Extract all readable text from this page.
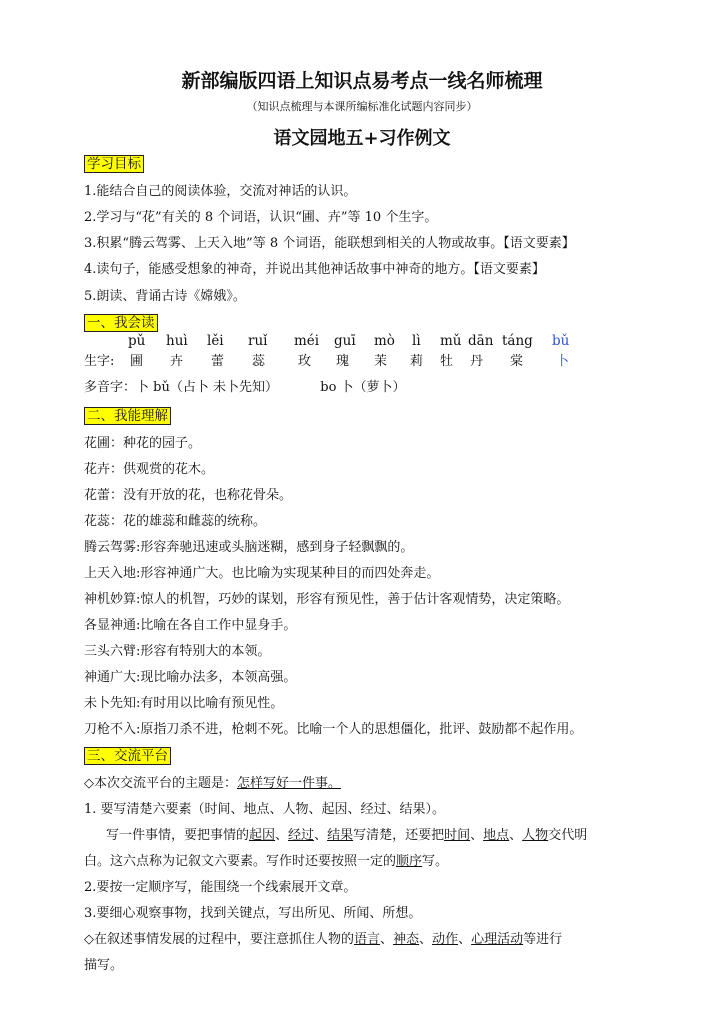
新部编版四语上知识点易考点一线名师梳理
（知识点梳理与本课所编标准化试题内容同步）
语文园地五+习作例文
学习目标
1.能结合自己的阅读体验，交流对神话的认识。
2.学习与“花”有关的 8 个词语，认识“圃、卉”等 10 个生字。
3.积累“腾云驾雾、上天入地”等 8 个词语，能联想到相关的人物或故事。【语文要素】
4.读句子，能感受想象的神奇，并说出其他神话故事中神奇的地方。【语文要素】
5.朗读、背诵古诗《嫦娥》。
一、我会读
pǔ huì lěi ruǐ méi guī mò lì mǔ dān táng bǔ
生字: 圃 卉 蕾 蕊	玫 瑰 茉 莉 牡 丹 棠	卜
多音字：卜 bǔ（占卜 未卜先知）	bo 卜（萝卜）
二、我能理解
花圃：种花的园子。
花卉：供观赏的花木。
花蕾：没有开放的花，也称花骨朵。
花蕊：花的雄蕊和雌蕊的统称。
腾云驾雾:形容奔驰迅速或头脑迷糊，感到身子轻飘飘的。
上天入地:形容神通广大。也比喻为实现某种目的而四处奔走。
神机妙算:惊人的机智，巧妙的谋划，形容有预见性，善于估计客观情势，决定策略。
各显神通:比喻在各自工作中显身手。
三头六臂:形容有特别大的本领。
神通广大:现比喻办法多，本领高强。
未卜先知:有时用以比喻有预见性。
刀枪不入:原指刀杀不进，枪刺不死。比喻一个人的思想僵化，批评、鼓励都不起作用。
三、交流平台
◇本次交流平台的主题是：怎样写好一件事。
1. 要写清楚六要素（时间、地点、人物、起因、经过、结果）。
写一件事情，要把事情的起因、经过、结果写清楚，还要把时间、地点、人物交代明
白。这六点称为记叙文六要素。写作时还要按照一定的顺序写。
2.要按一定顺序写，能围绕一个线索展开文章。
3.要细心观察事物，找到关键点，写出所见、所闻、所想。
◇在叙述事情发展的过程中，要注意抓住人物的语言、神态、动作、心理活动等进行
描写。
